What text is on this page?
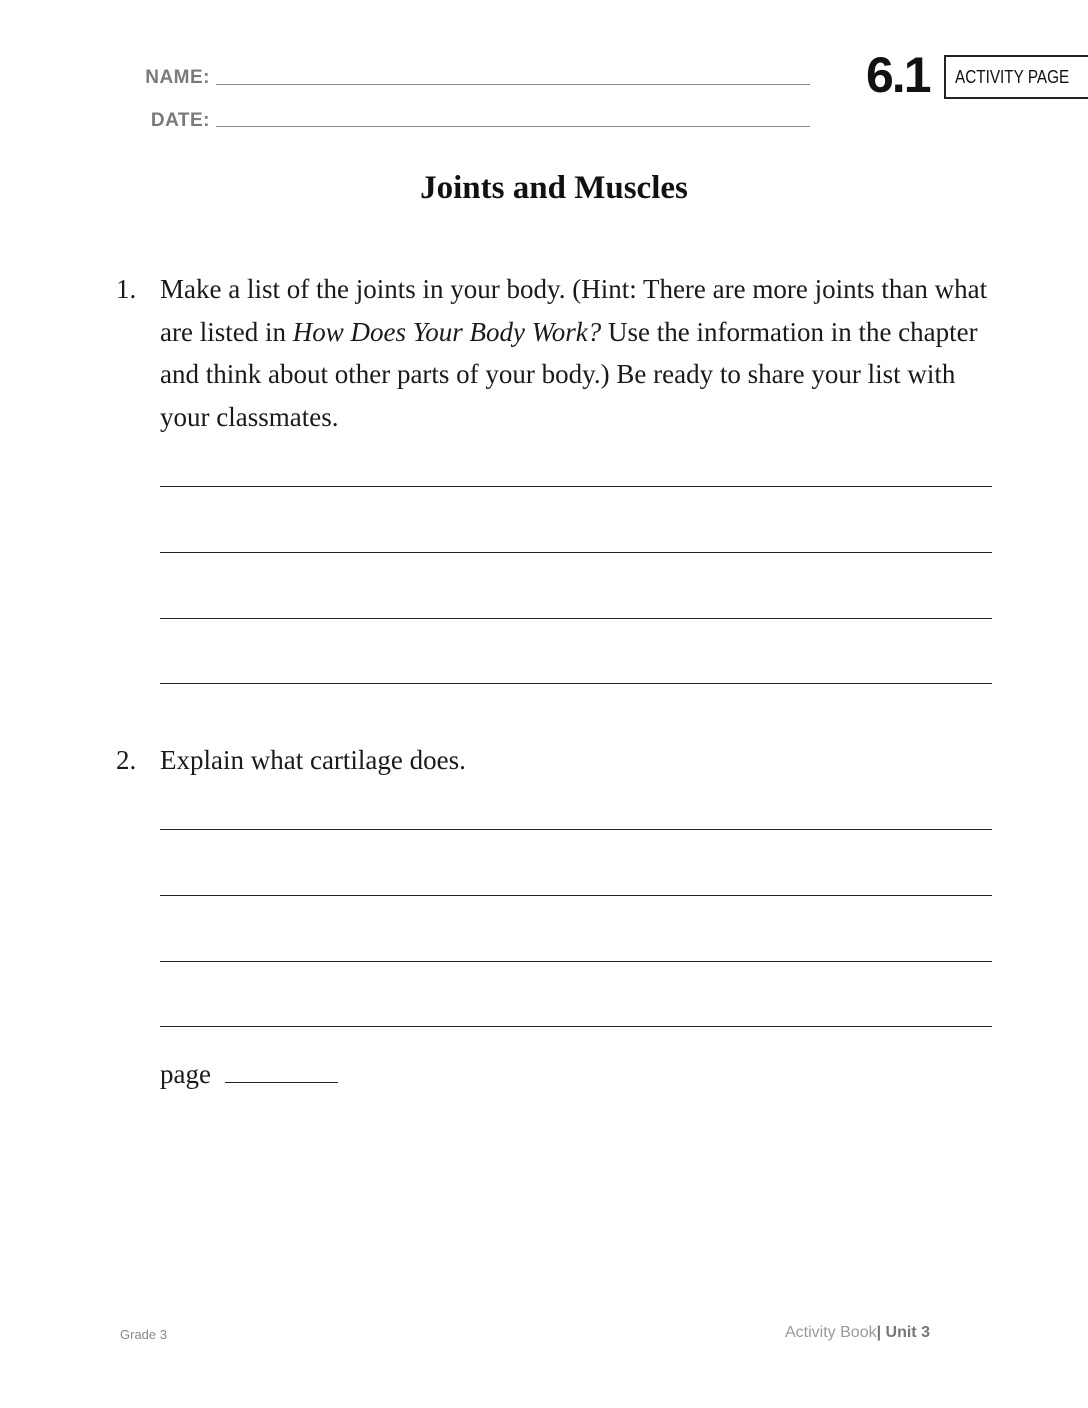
NAME:
DATE:
6.1 ACTIVITY PAGE
Joints and Muscles
1. Make a list of the joints in your body. (Hint: There are more joints than what are listed in How Does Your Body Work? Use the information in the chapter and think about other parts of your body.) Be ready to share your list with your classmates.
2. Explain what cartilage does.
page
Grade 3	Activity Book| Unit 3
